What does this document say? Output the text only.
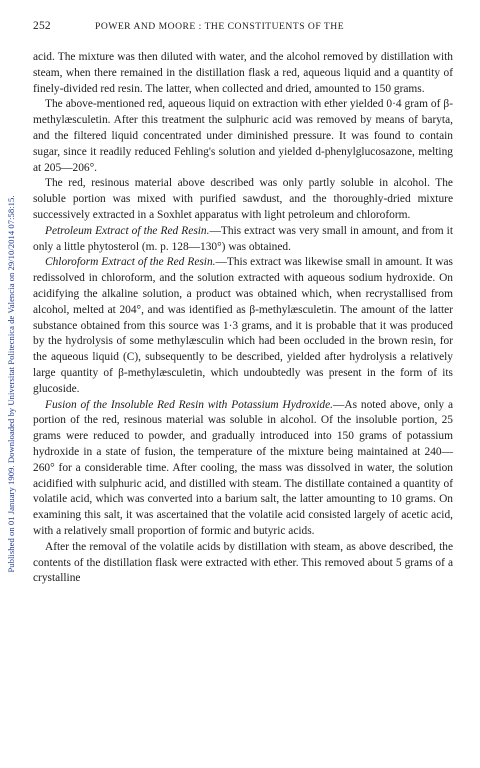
Published on 01 January 1909. Downloaded by Universitat Politecnica de Valencia on 29/10/2014 07:58:15.
252	POWER AND MOORE : THE CONSTITUENTS OF THE

acid. The mixture was then diluted with water, and the alcohol removed by distillation with steam, when there remained in the distillation flask a red, aqueous liquid and a quantity of finely-divided red resin. The latter, when collected and dried, amounted to 150 grams.

The above-mentioned red, aqueous liquid on extraction with ether yielded 0·4 gram of β-methylæsculetin. After this treatment the sulphuric acid was removed by means of baryta, and the filtered liquid concentrated under diminished pressure. It was found to contain sugar, since it readily reduced Fehling's solution and yielded d-phenylglucosazone, melting at 205—206°.

The red, resinous material above described was only partly soluble in alcohol. The soluble portion was mixed with purified sawdust, and the thoroughly-dried mixture successively extracted in a Soxhlet apparatus with light petroleum and chloroform.

Petroleum Extract of the Red Resin.—This extract was very small in amount, and from it only a little phytosterol (m. p. 128—130°) was obtained.

Chloroform Extract of the Red Resin.—This extract was likewise small in amount. It was redissolved in chloroform, and the solution extracted with aqueous sodium hydroxide. On acidifying the alkaline solution, a product was obtained which, when recrystallised from alcohol, melted at 204°, and was identified as β-methylæsculetin. The amount of the latter substance obtained from this source was 1·3 grams, and it is probable that it was produced by the hydrolysis of some methylæsculin which had been occluded in the brown resin, for the aqueous liquid (C), subsequently to be described, yielded after hydrolysis a relatively large quantity of β-methylæsculetin, which undoubtedly was present in the form of its glucoside.

Fusion of the Insoluble Red Resin with Potassium Hydroxide.—As noted above, only a portion of the red, resinous material was soluble in alcohol. Of the insoluble portion, 25 grams were reduced to powder, and gradually introduced into 150 grams of potassium hydroxide in a state of fusion, the temperature of the mixture being maintained at 240—260° for a considerable time. After cooling, the mass was dissolved in water, the solution acidified with sulphuric acid, and distilled with steam. The distillate contained a quantity of volatile acid, which was converted into a barium salt, the latter amounting to 10 grams. On examining this salt, it was ascertained that the volatile acid consisted largely of acetic acid, with a relatively small proportion of formic and butyric acids.

After the removal of the volatile acids by distillation with steam, as above described, the contents of the distillation flask were extracted with ether. This removed about 5 grams of a crystalline
